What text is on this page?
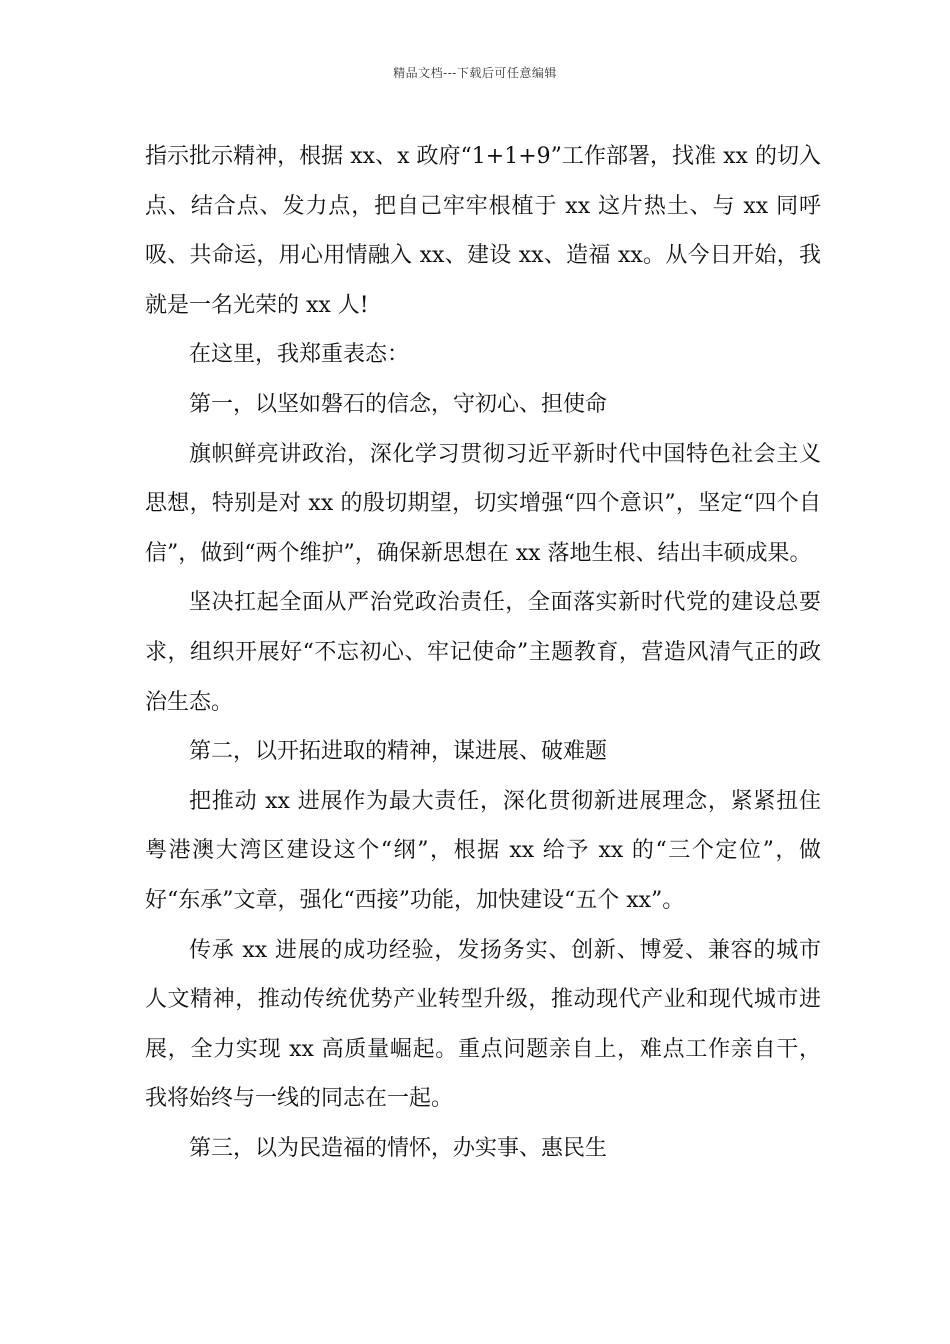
精品文档---下载后可任意编辑

指示批示精神，根据 xx、x 政府“1+1+9”工作部署，找准 xx 的切入点、结合点、发力点，把自己牢牢根植于 xx 这片热土、与 xx 同呼吸、共命运，用心用情融入 xx、建设 xx、造福 xx。从今日开始，我就是一名光荣的 xx 人!

在这里，我郑重表态：

第一，以坚如磐石的信念，守初心、担使命

旗帜鲜亮讲政治，深化学习贯彻习近平新时代中国特色社会主义思想，特别是对 xx 的殷切期望，切实增强“四个意识”，坚定“四个自信”，做到“两个维护”，确保新思想在 xx 落地生根、结出丰硕成果。

坚决扛起全面从严治党政治责任，全面落实新时代党的建设总要求，组织开展好“不忘初心、牢记使命”主题教育，营造风清气正的政治生态。

第二，以开拓进取的精神，谋进展、破难题

把推动 xx 进展作为最大责任，深化贯彻新进展理念，紧紧扭住粤港澳大湾区建设这个“纲”，根据 xx 给予 xx 的“三个定位”，做好“东承”文章，强化“西接”功能，加快建设“五个 xx”。

传承 xx 进展的成功经验，发扬务实、创新、博爱、兼容的城市人文精神，推动传统优势产业转型升级，推动现代产业和现代城市进展，全力实现 xx 高质量崛起。重点问题亲自上，难点工作亲自干，我将始终与一线的同志在一起。

第三，以为民造福的情怀，办实事、惠民生
